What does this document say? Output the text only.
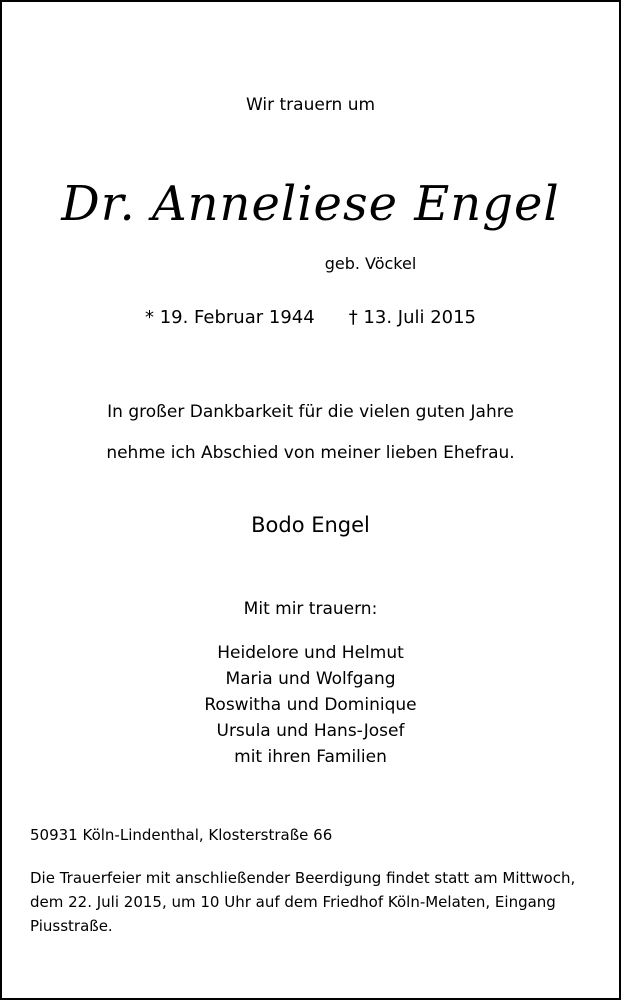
Wir trauern um
Dr. Anneliese Engel
geb. Vöckel
* 19. Februar 1944 † 13. Juli 2015
In großer Dankbarkeit für die vielen guten Jahre
nehme ich Abschied von meiner lieben Ehefrau.
Bodo Engel
Mit mir trauern:
Heidelore und Helmut
Maria und Wolfgang
Roswitha und Dominique
Ursula und Hans-Josef
mit ihren Familien
50931 Köln-Lindenthal, Klosterstraße 66
Die Trauerfeier mit anschließender Beerdigung findet statt am Mittwoch, dem 22. Juli 2015, um 10 Uhr auf dem Friedhof Köln-Melaten, Eingang Piusstraße.
